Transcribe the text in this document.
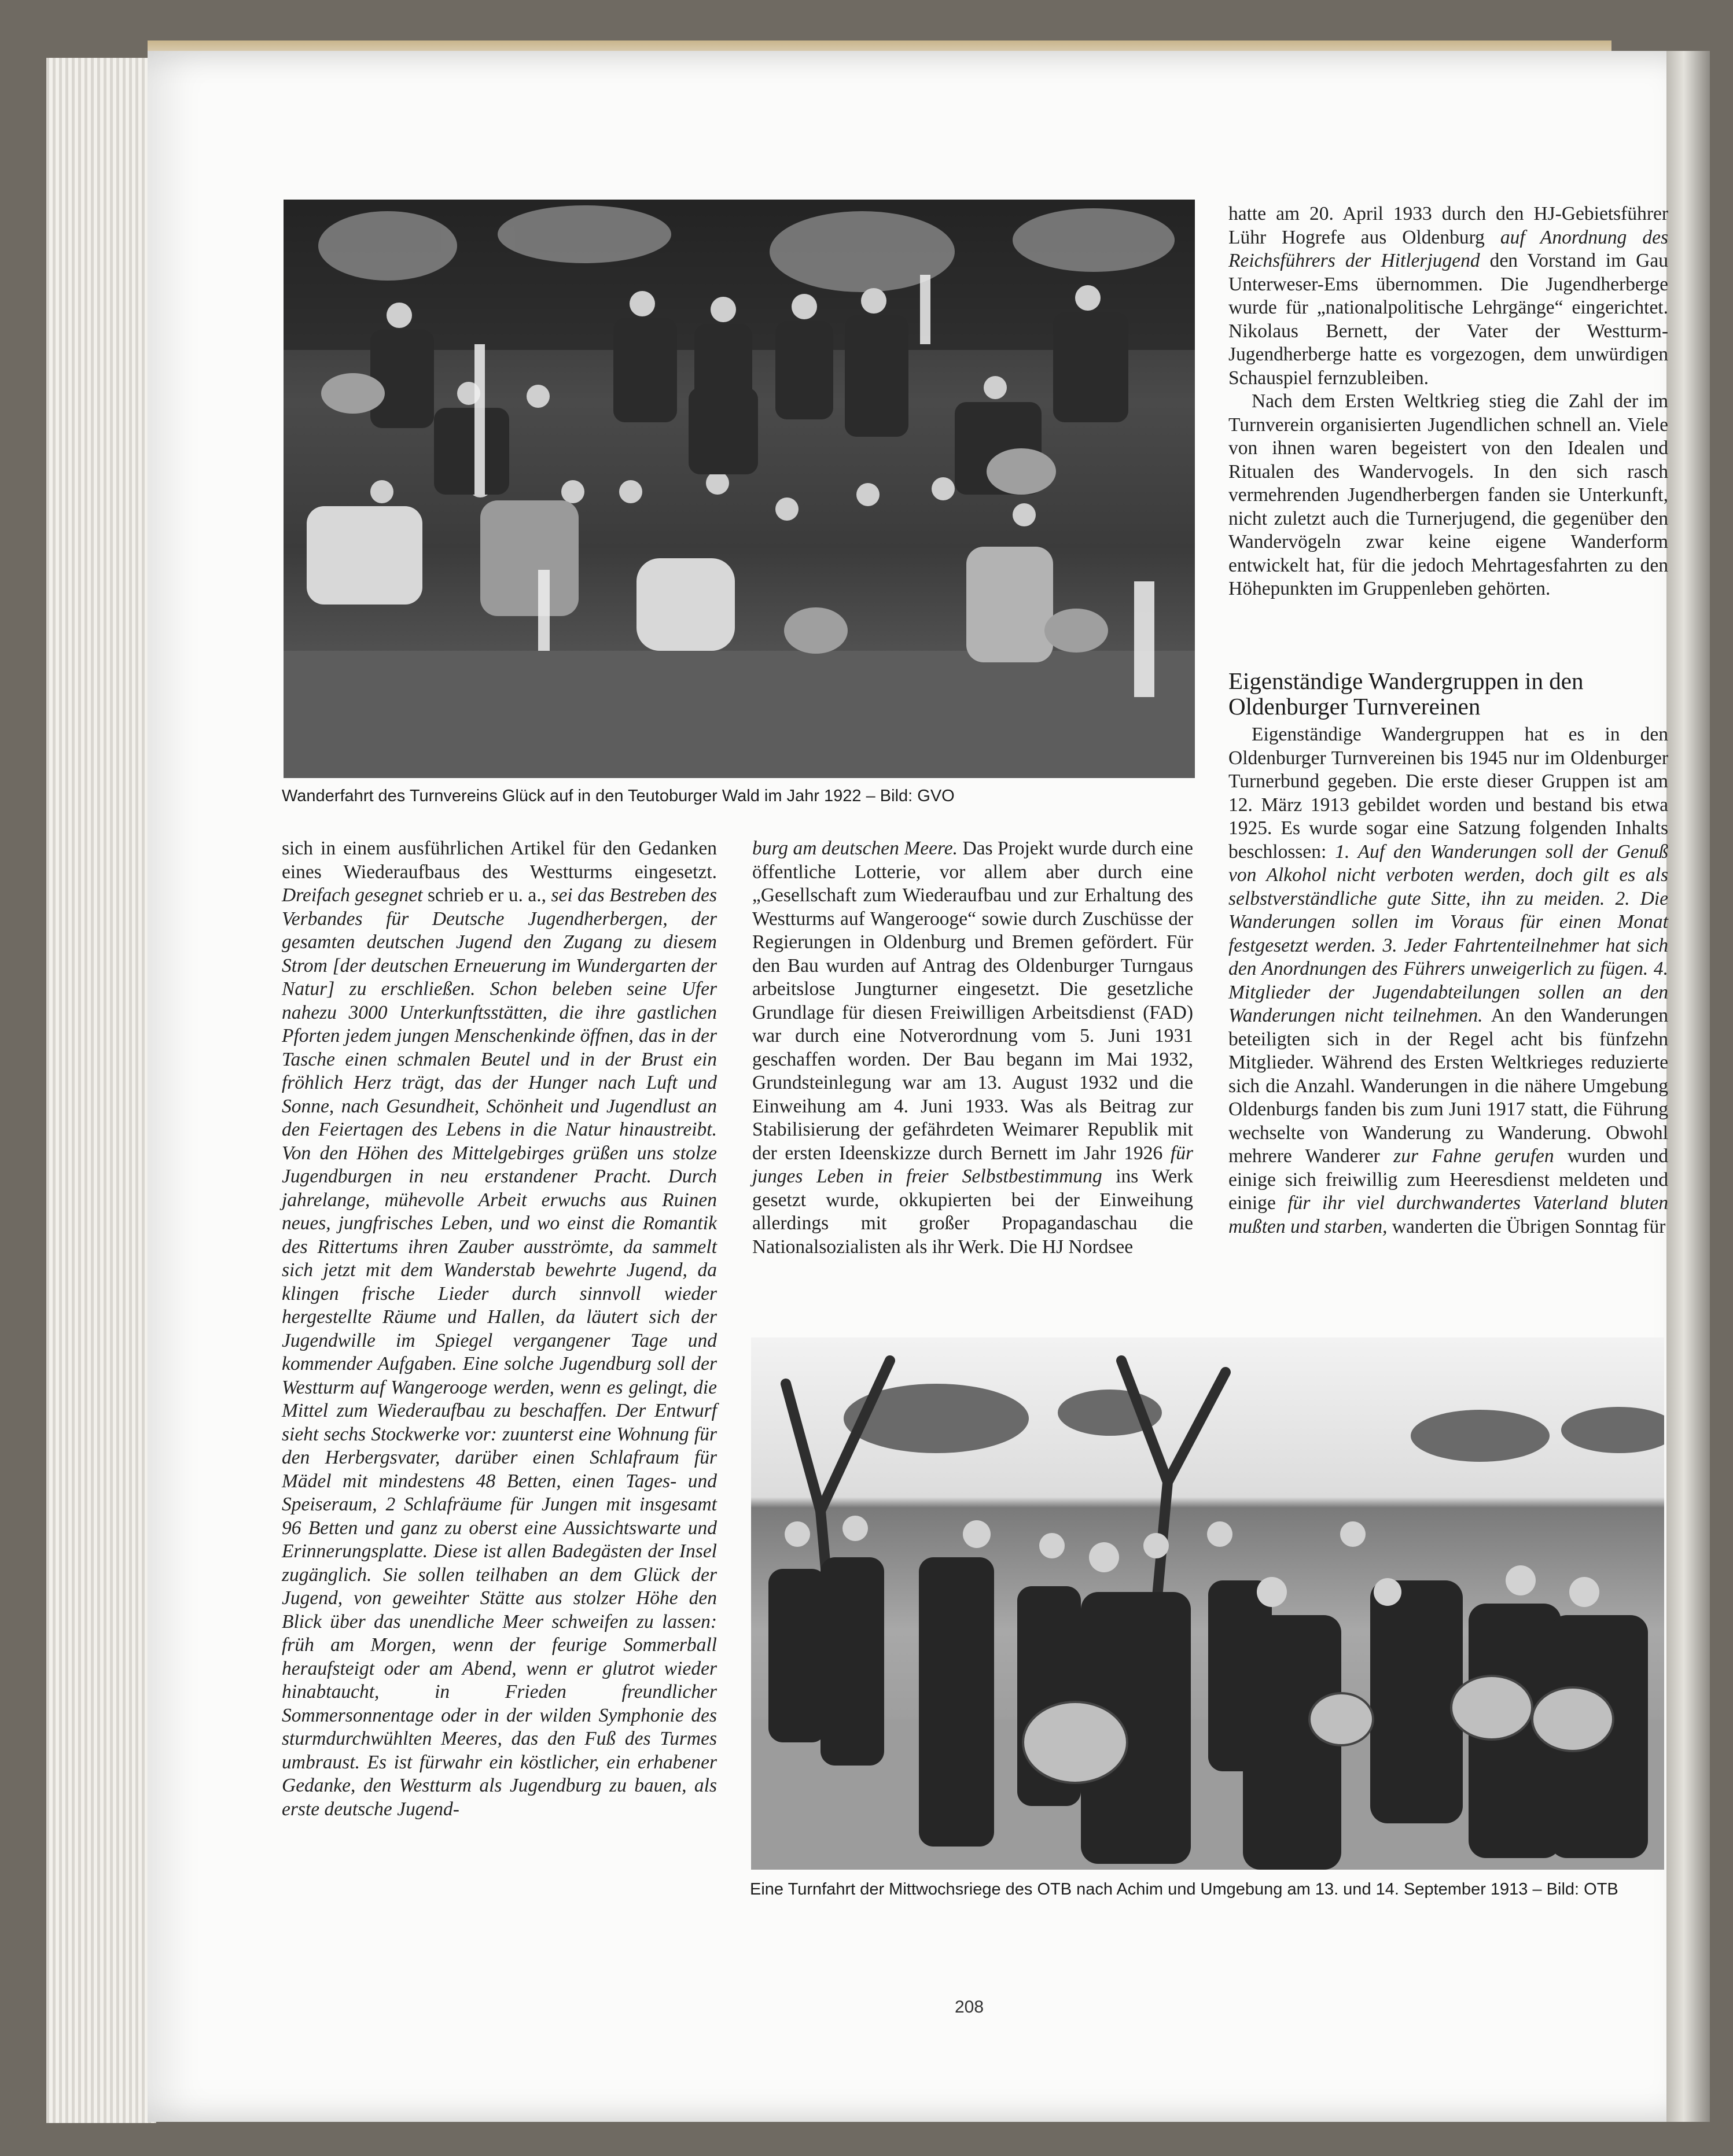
Wanderfahrt des Turnvereins Glück auf in den Teutoburger Wald im Jahr 1922 – Bild: GVO

sich in einem ausführlichen Artikel für den Gedanken eines Wiederaufbaus des Westturms eingesetzt. Dreifach gesegnet schrieb er u. a., sei das Bestreben des Verbandes für Deutsche Jugendherbergen, der gesamten deutschen Jugend den Zugang zu diesem Strom [der deutschen Erneuerung im Wundergarten der Natur] zu erschließen. Schon beleben seine Ufer nahezu 3000 Unterkunftsstätten, die ihre gastlichen Pforten jedem jungen Menschenkinde öffnen, das in der Tasche einen schmalen Beutel und in der Brust ein fröhlich Herz trägt, das der Hunger nach Luft und Sonne, nach Gesundheit, Schönheit und Jugendlust an den Feiertagen des Lebens in die Natur hinaustreibt. Von den Höhen des Mittelgebirges grüßen uns stolze Jugendburgen in neu erstandener Pracht. Durch jahrelange, mühevolle Arbeit erwuchs aus Ruinen neues, jungfrisches Leben, und wo einst die Romantik des Rittertums ihren Zauber ausströmte, da sammelt sich jetzt mit dem Wanderstab bewehrte Jugend, da klingen frische Lieder durch sinnvoll wieder hergestellte Räume und Hallen, da läutert sich der Jugendwille im Spiegel vergangener Tage und kommender Aufgaben. Eine solche Jugendburg soll der Westturm auf Wangerooge werden, wenn es gelingt, die Mittel zum Wiederaufbau zu beschaffen. Der Entwurf sieht sechs Stockwerke vor: zuunterst eine Wohnung für den Herbergsvater, darüber einen Schlafraum für Mädel mit mindestens 48 Betten, einen Tages- und Speiseraum, 2 Schlafräume für Jungen mit insgesamt 96 Betten und ganz zu oberst eine Aussichtswarte und Erinnerungsplatte. Diese ist allen Badegästen der Insel zugänglich. Sie sollen teilhaben an dem Glück der Jugend, von geweihter Stätte aus stolzer Höhe den Blick über das unendliche Meer schweifen zu lassen: früh am Morgen, wenn der feurige Sommerball heraufsteigt oder am Abend, wenn er glutrot wieder hinabtaucht, in Frieden freundlicher Sommersonnentage oder in der wilden Symphonie des sturmdurchwühlten Meeres, das den Fuß des Turmes umbraust. Es ist fürwahr ein köstlicher, ein erhabener Gedanke, den Westturm als Jugendburg zu bauen, als erste deutsche Jugend-

burg am deutschen Meere. Das Projekt wurde durch eine öffentliche Lotterie, vor allem aber durch eine „Gesellschaft zum Wiederaufbau und zur Erhaltung des Westturms auf Wangerooge“ sowie durch Zuschüsse der Regierungen in Oldenburg und Bremen gefördert. Für den Bau wurden auf Antrag des Oldenburger Turngaus arbeitslose Jungturner eingesetzt. Die gesetzliche Grundlage für diesen Freiwilligen Arbeitsdienst (FAD) war durch eine Notverordnung vom 5. Juni 1931 geschaffen worden. Der Bau begann im Mai 1932, Grundsteinlegung war am 13. August 1932 und die Einweihung am 4. Juni 1933. Was als Beitrag zur Stabilisierung der gefährdeten Weimarer Republik mit der ersten Ideenskizze durch Bernett im Jahr 1926 für junges Leben in freier Selbstbestimmung ins Werk gesetzt wurde, okkupierten bei der Einweihung allerdings mit großer Propagandaschau die Nationalsozialisten als ihr Werk. Die HJ Nordsee

hatte am 20. April 1933 durch den HJ-Gebietsführer Lühr Hogrefe aus Oldenburg auf Anordnung des Reichsführers der Hitlerjugend den Vorstand im Gau Unterweser-Ems übernommen. Die Jugendherberge wurde für „nationalpolitische Lehrgänge“ eingerichtet. Nikolaus Bernett, der Vater der Westturm-Jugendherberge hatte es vorgezogen, dem unwürdigen Schauspiel fernzubleiben.

Nach dem Ersten Weltkrieg stieg die Zahl der im Turnverein organisierten Jugendlichen schnell an. Viele von ihnen waren begeistert von den Idealen und Ritualen des Wandervogels. In den sich rasch vermehrenden Jugendherbergen fanden sie Unterkunft, nicht zuletzt auch die Turnerjugend, die gegenüber den Wandervögeln zwar keine eigene Wanderform entwickelt hat, für die jedoch Mehrtagesfahrten zu den Höhepunkten im Gruppenleben gehörten.

Eigenständige Wandergruppen in den Oldenburger Turnvereinen

Eigenständige Wandergruppen hat es in den Oldenburger Turnvereinen bis 1945 nur im Oldenburger Turnerbund gegeben. Die erste dieser Gruppen ist am 12. März 1913 gebildet worden und bestand bis etwa 1925. Es wurde sogar eine Satzung folgenden Inhalts beschlossen: 1. Auf den Wanderungen soll der Genuß von Alkohol nicht verboten werden, doch gilt es als selbstverständliche gute Sitte, ihn zu meiden. 2. Die Wanderungen sollen im Voraus für einen Monat festgesetzt werden. 3. Jeder Fahrtenteilnehmer hat sich den Anordnungen des Führers unweigerlich zu fügen. 4. Mitglieder der Jugendabteilungen sollen an den Wanderungen nicht teilnehmen. An den Wanderungen beteiligten sich in der Regel acht bis fünfzehn Mitglieder. Während des Ersten Weltkrieges reduzierte sich die Anzahl. Wanderungen in die nähere Umgebung Oldenburgs fanden bis zum Juni 1917 statt, die Führung wechselte von Wanderung zu Wanderung. Obwohl mehrere Wanderer zur Fahne gerufen wurden und einige sich freiwillig zum Heeresdienst meldeten und einige für ihr viel durchwandertes Vaterland bluten mußten und starben, wanderten die Übrigen Sonntag für

Eine Turnfahrt der Mittwochsriege des OTB nach Achim und Umgebung am 13. und 14. September 1913 – Bild: OTB
208
